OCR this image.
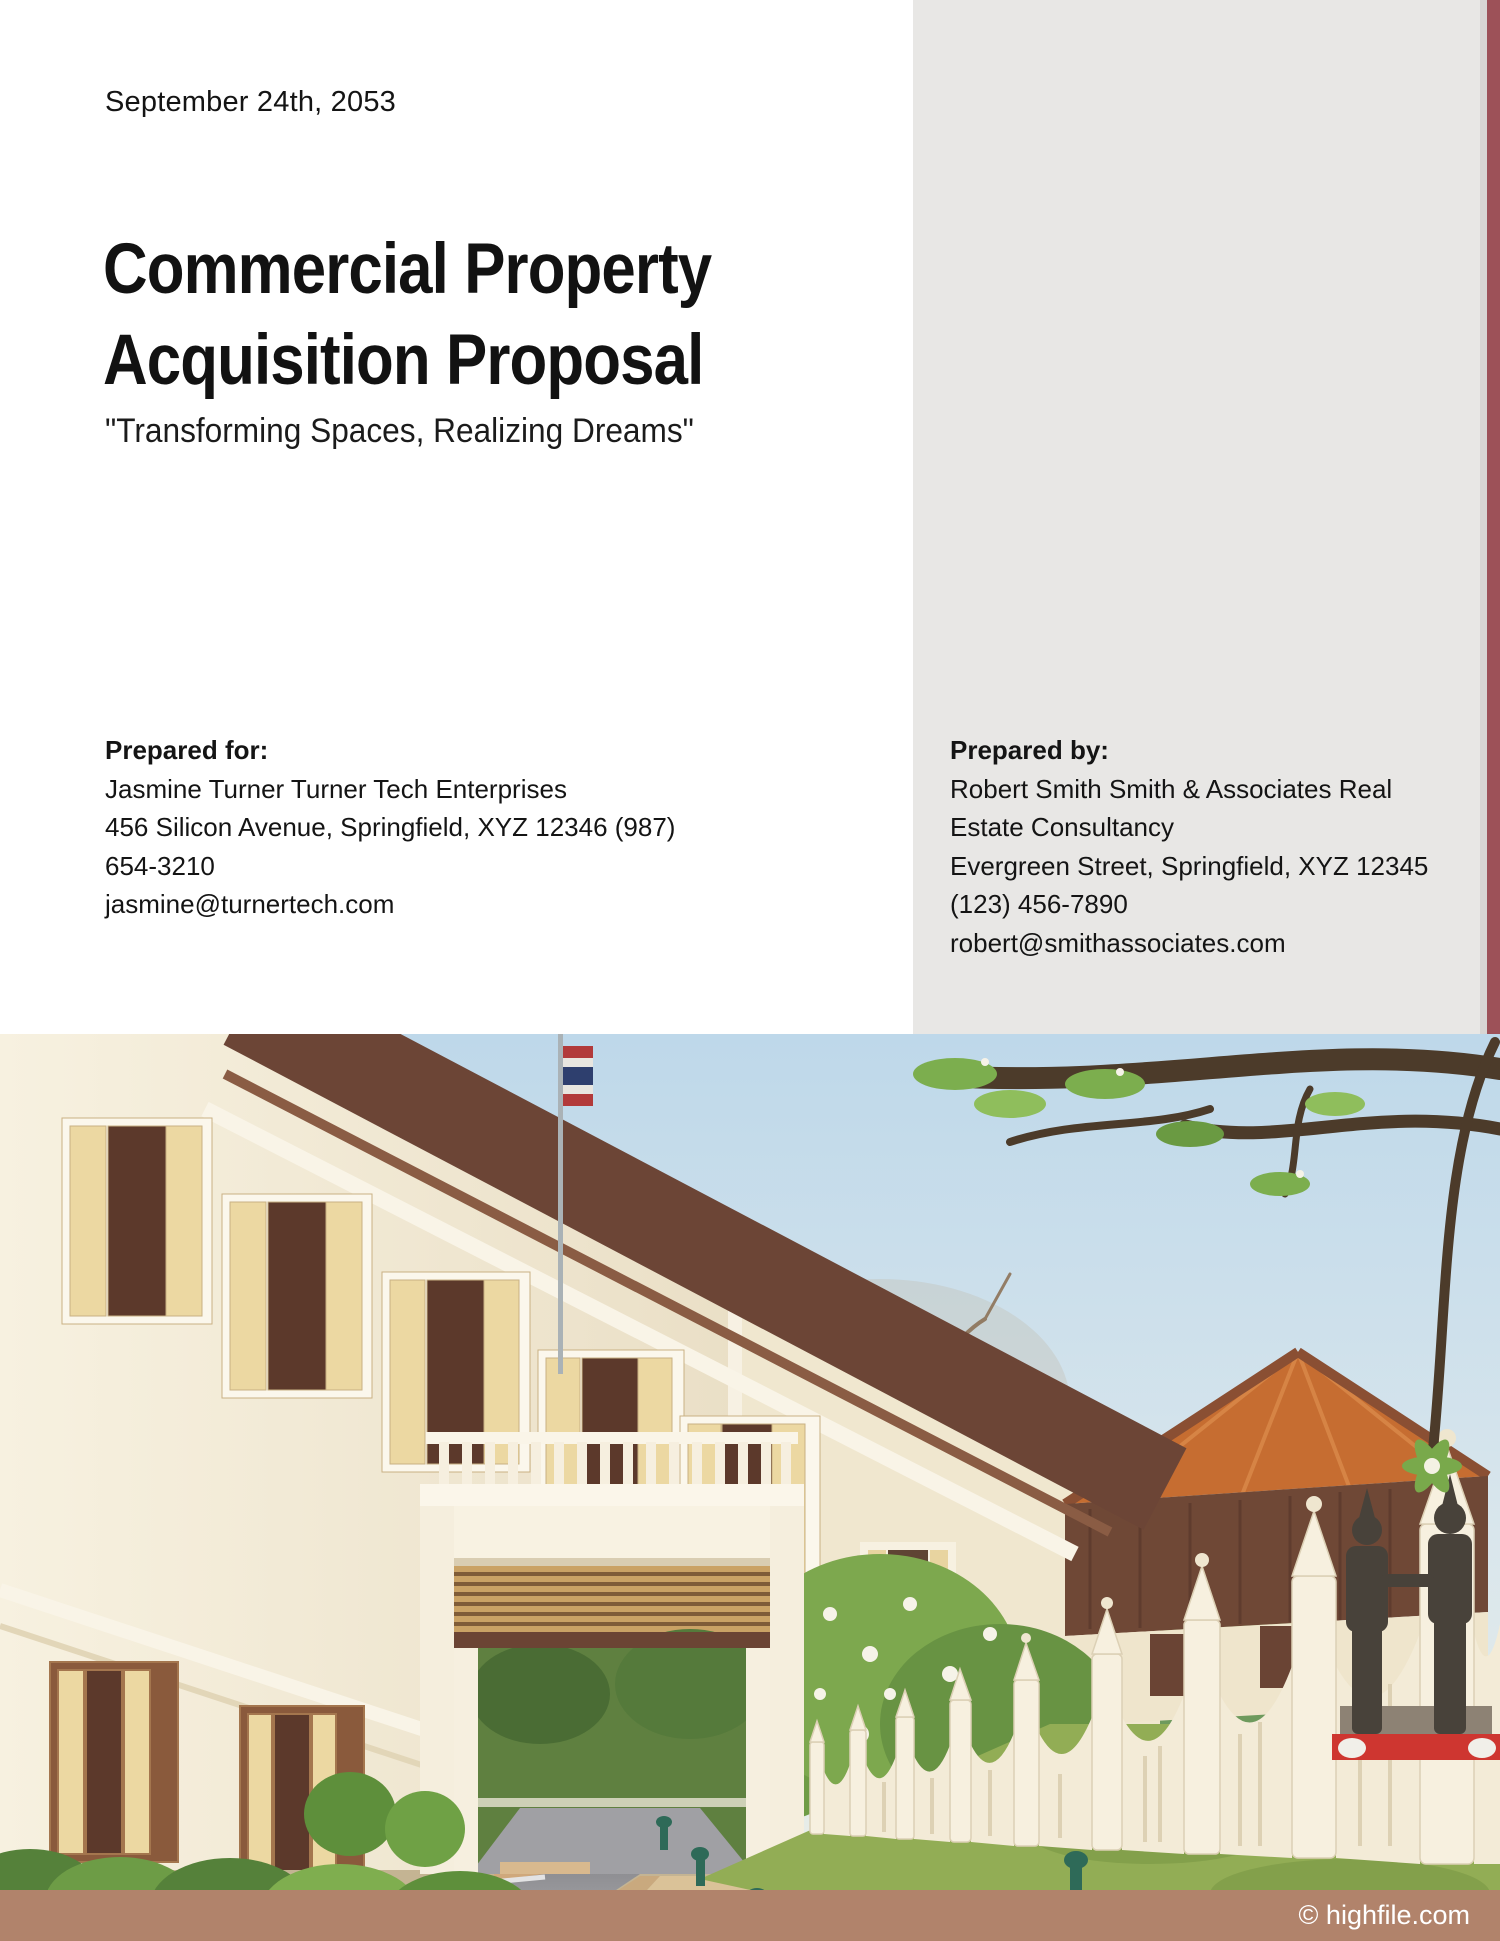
September 24th, 2053
Commercial Property
Acquisition Proposal
"Transforming Spaces, Realizing Dreams"
Prepared for:
Jasmine Turner Turner Tech Enterprises
456 Silicon Avenue, Springfield, XYZ 12346 (987)
654-3210
jasmine@turnertech.com
Prepared by:
Robert Smith Smith & Associates Real
Estate Consultancy
Evergreen Street, Springfield, XYZ 12345
(123) 456-7890
robert@smithassociates.com
© highfile.com
